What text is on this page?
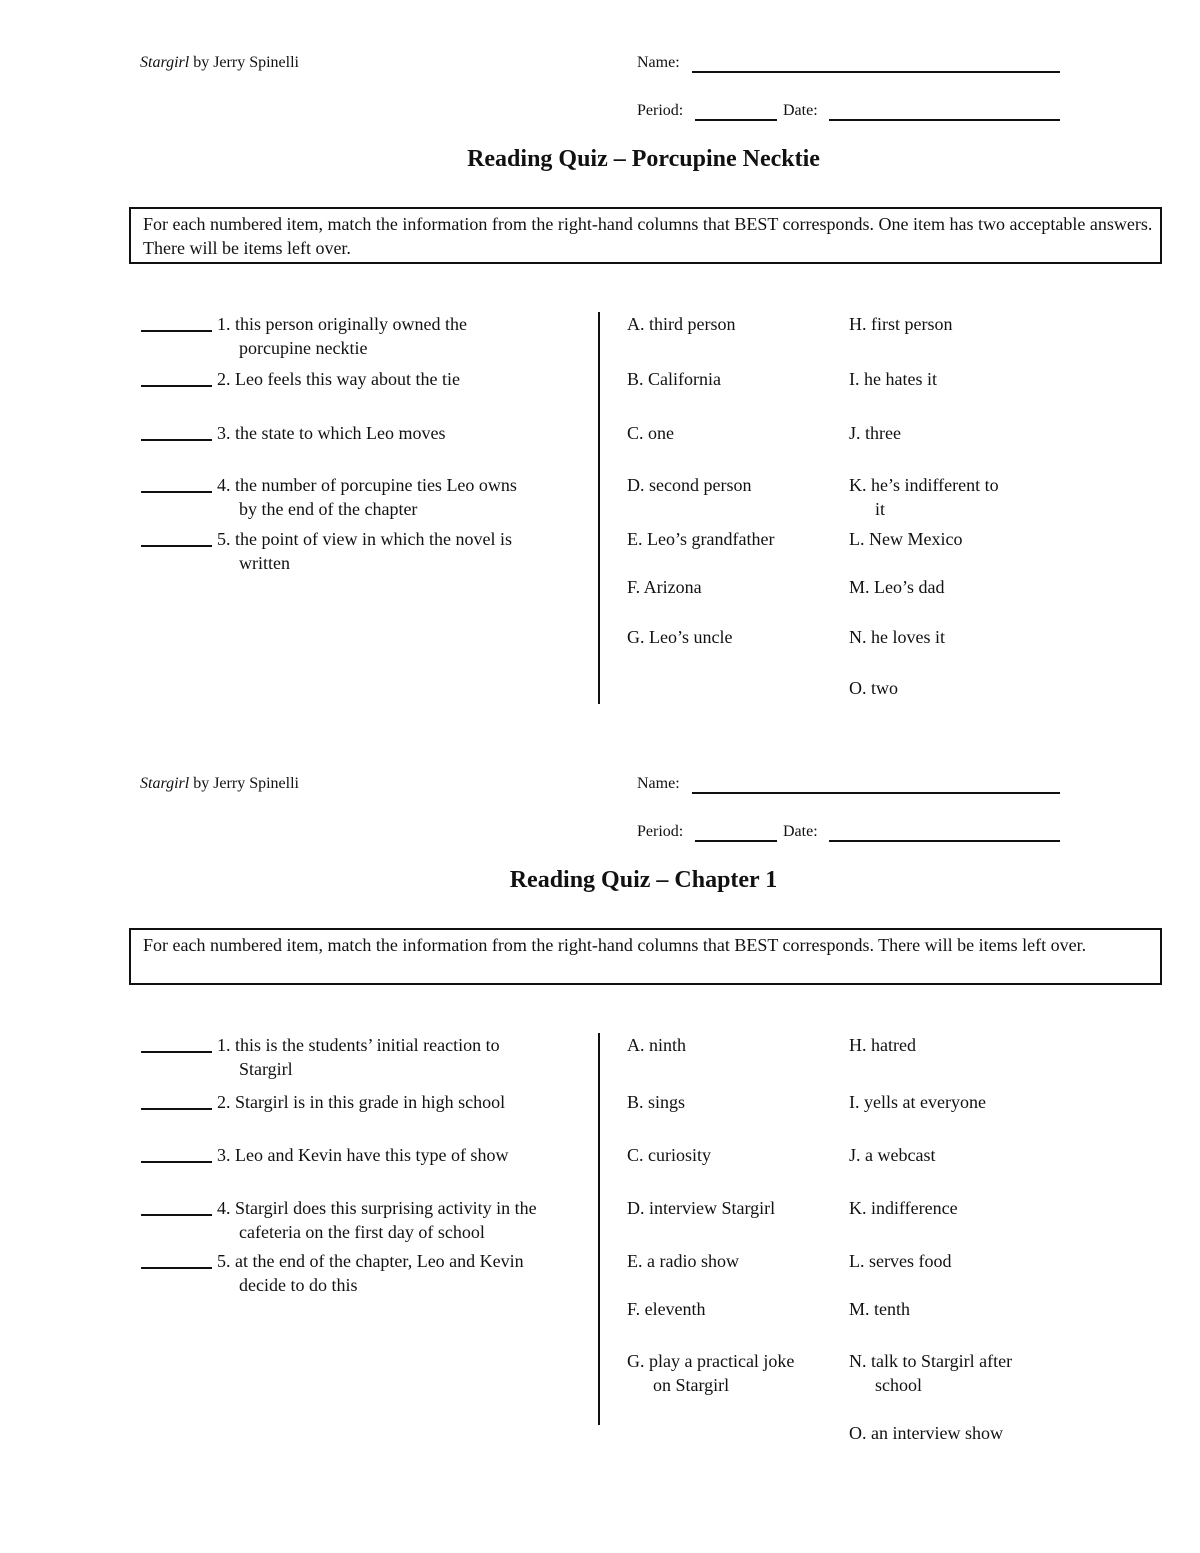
Stargirl by Jerry Spinelli	Name:
Period:	Date:
Reading Quiz – Porcupine Necktie
For each numbered item, match the information from the right-hand columns that BEST corresponds. One item has two acceptable answers. There will be items left over.
1. this person originally owned the
porcupine necktie
2. Leo feels this way about the tie
3. the state to which Leo moves
4. the number of porcupine ties Leo owns
by the end of the chapter
5. the point of view in which the novel is
written
A. third person
B. California
C. one
D. second person
E. Leo’s grandfather
F. Arizona
G. Leo’s uncle
H. first person
I. he hates it
J. three
K. he’s indifferent to
it
L. New Mexico
M. Leo’s dad
N. he loves it
O. two
Stargirl by Jerry Spinelli	Name:
Period:	Date:
Reading Quiz – Chapter 1
For each numbered item, match the information from the right-hand columns that BEST corresponds. There will be items left over.
1. this is the students’ initial reaction to
Stargirl
2. Stargirl is in this grade in high school
3. Leo and Kevin have this type of show
4. Stargirl does this surprising activity in the
cafeteria on the first day of school
5. at the end of the chapter, Leo and Kevin
decide to do this
A. ninth
B. sings
C. curiosity
D. interview Stargirl
E. a radio show
F. eleventh
G. play a practical joke
on Stargirl
H. hatred
I. yells at everyone
J. a webcast
K. indifference
L. serves food
M. tenth
N. talk to Stargirl after
school
O. an interview show
